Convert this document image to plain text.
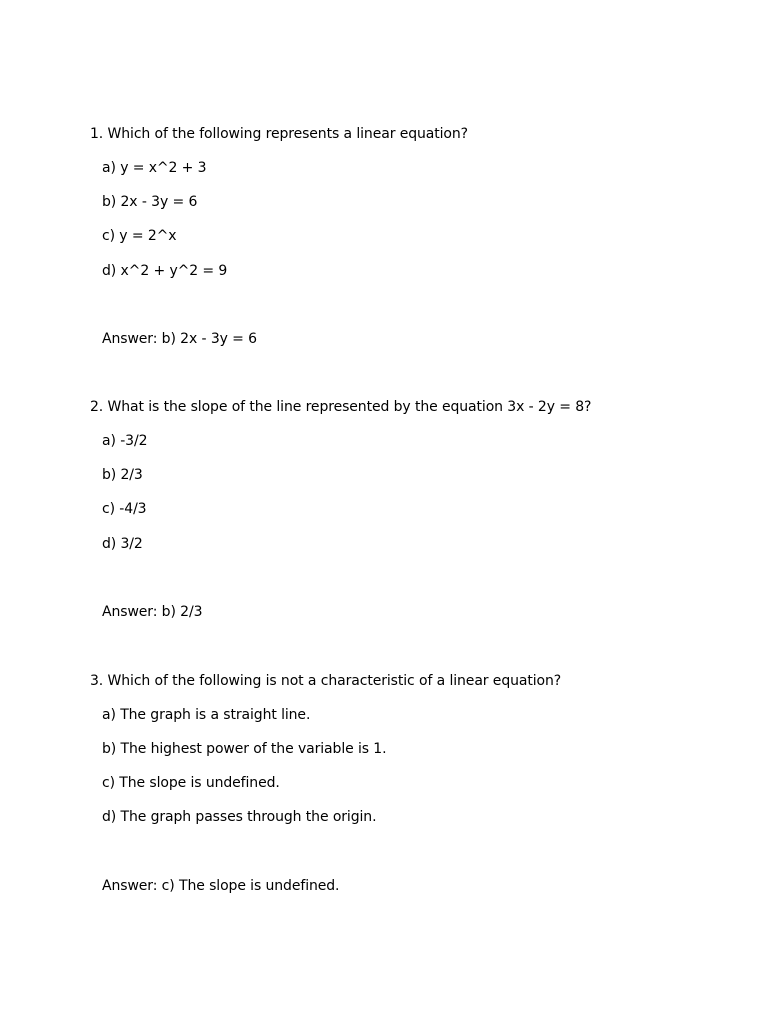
1. Which of the following represents a linear equation?
a) y = x^2 + 3
b) 2x - 3y = 6
c) y = 2^x
d) x^2 + y^2 = 9
Answer: b) 2x - 3y = 6
2. What is the slope of the line represented by the equation 3x - 2y = 8?
a) -3/2
b) 2/3
c) -4/3
d) 3/2
Answer: b) 2/3
3. Which of the following is not a characteristic of a linear equation?
a) The graph is a straight line.
b) The highest power of the variable is 1.
c) The slope is undefined.
d) The graph passes through the origin.
Answer: c) The slope is undefined.
